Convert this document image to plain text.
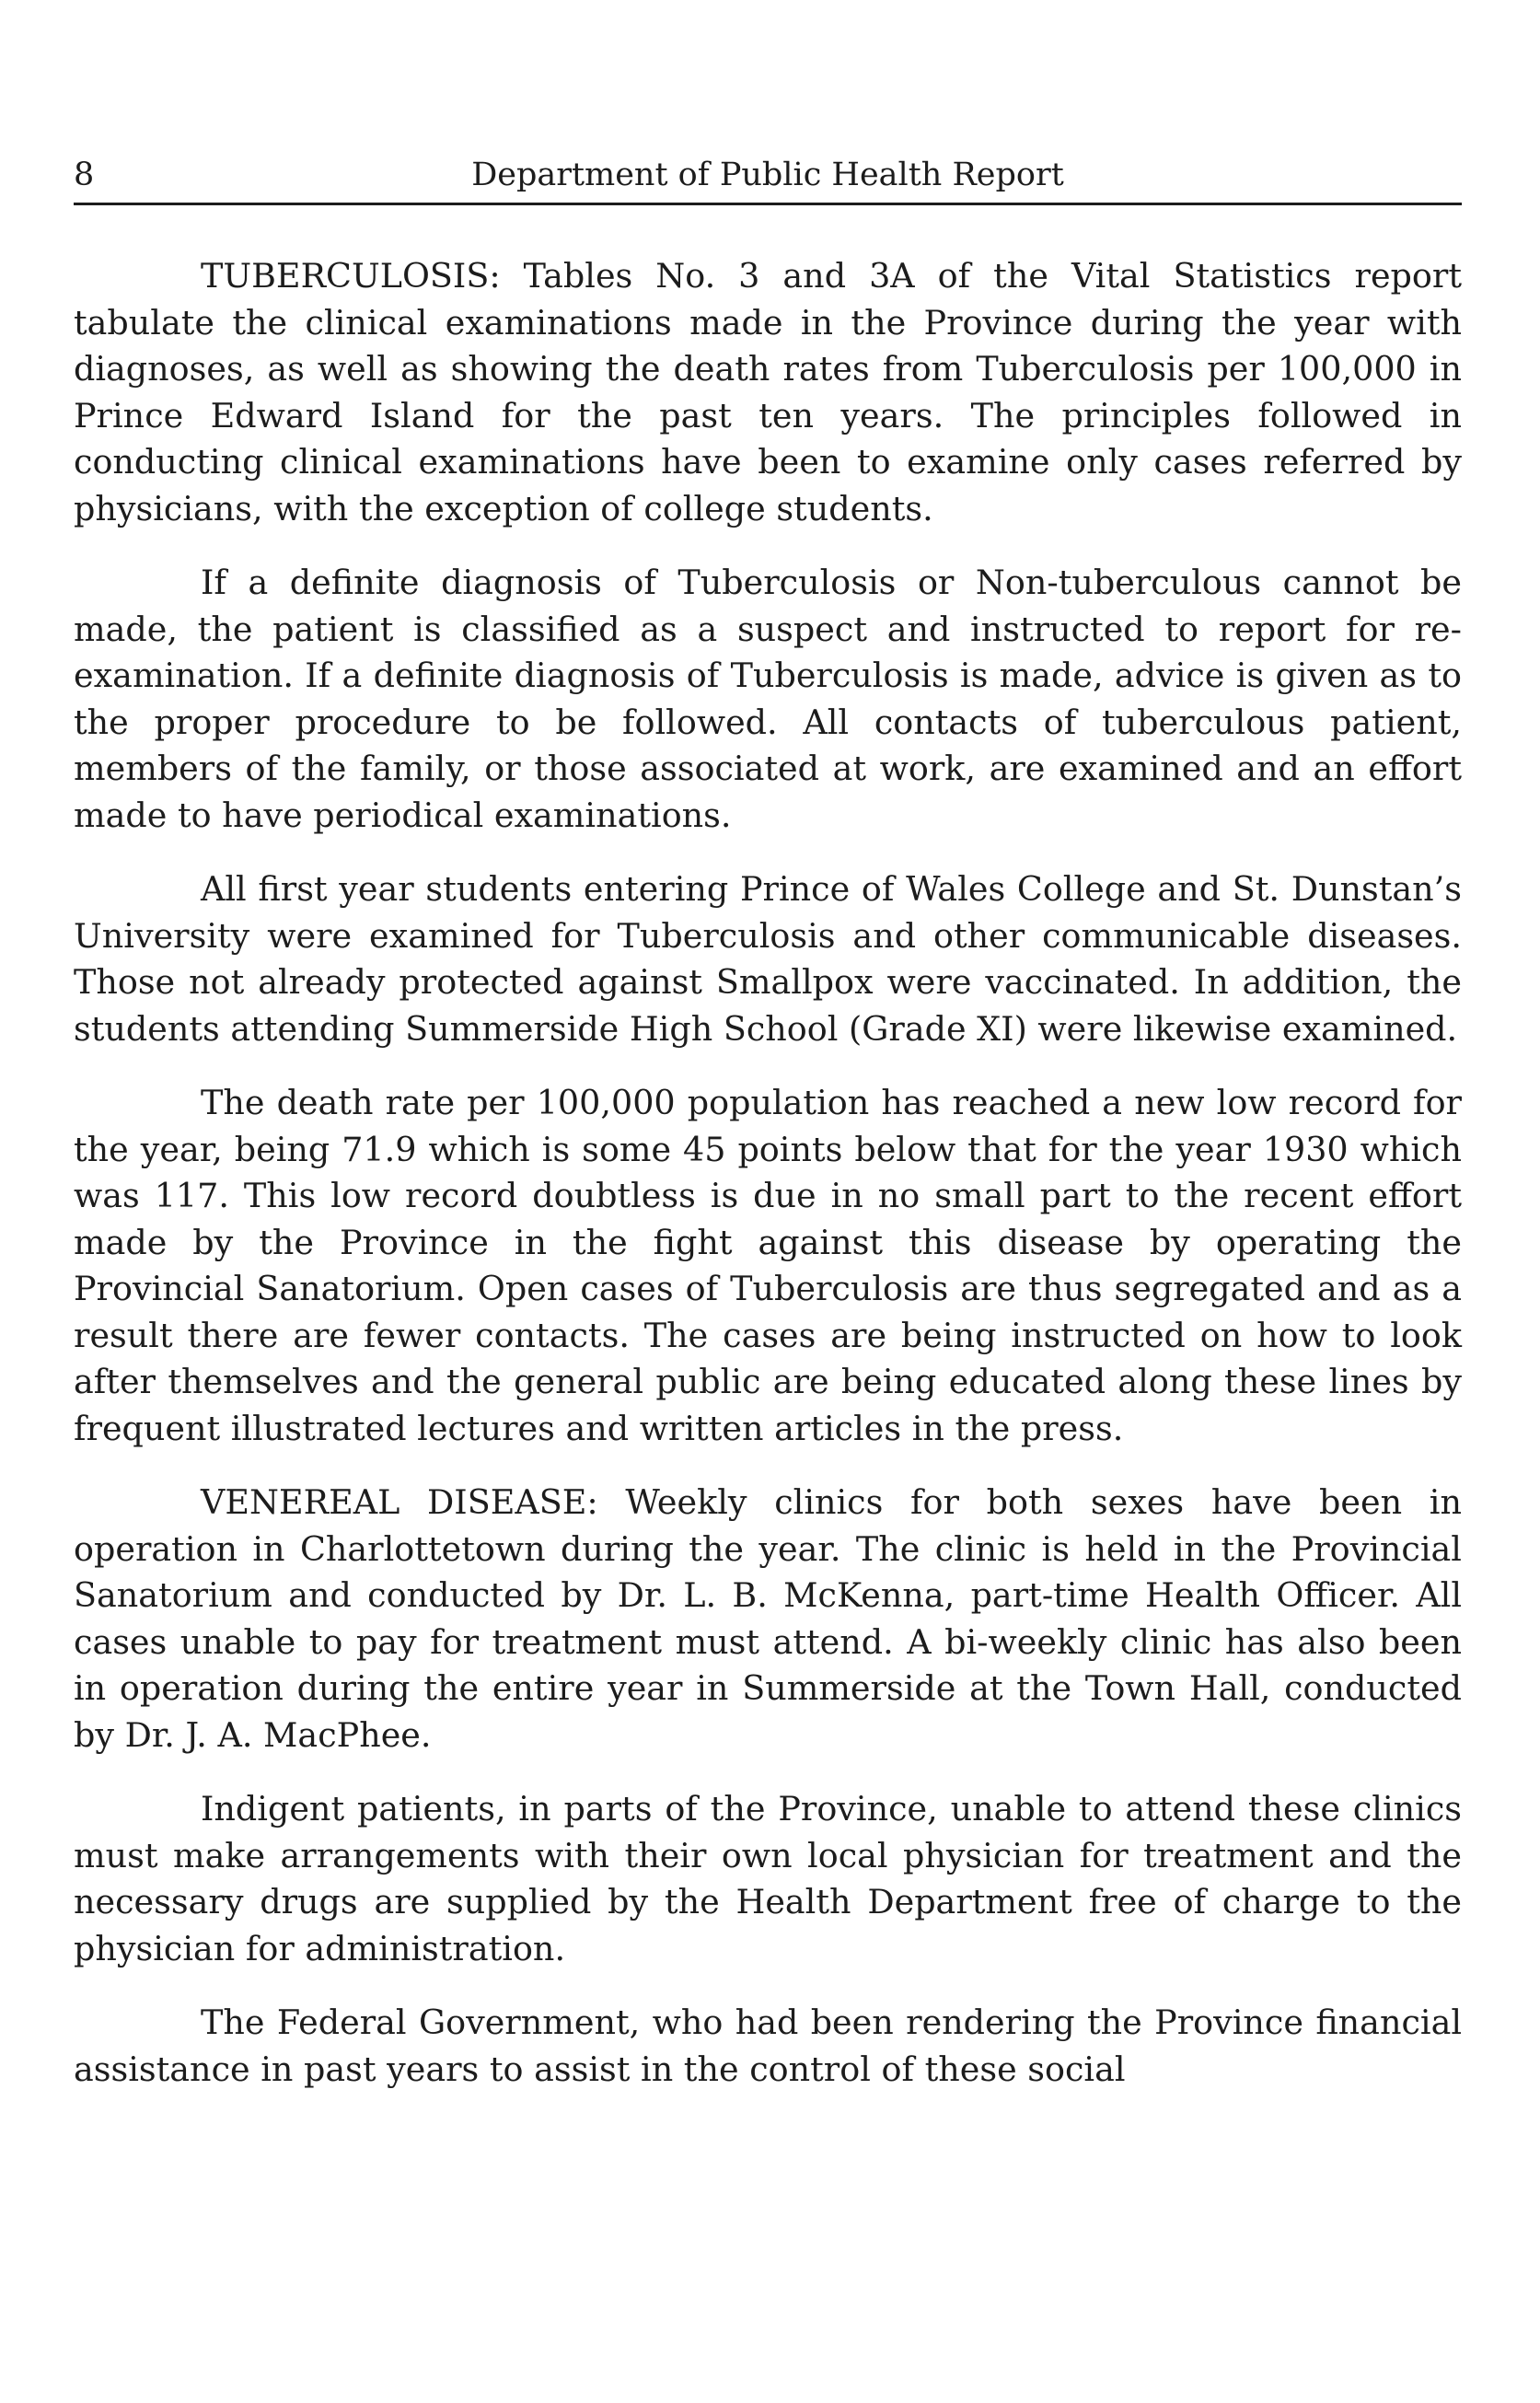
8	Department of Public Health Report

TUBERCULOSIS: Tables No. 3 and 3A of the Vital Statistics report tabulate the clinical examinations made in the Province during the year with diagnoses, as well as showing the death rates from Tuberculosis per 100,000 in Prince Edward Island for the past ten years. The principles followed in conducting clinical examinations have been to examine only cases referred by physicians, with the exception of college students.

If a definite diagnosis of Tuberculosis or Non-tuberculous cannot be made, the patient is classified as a suspect and instructed to report for re-examination. If a definite diagnosis of Tuberculosis is made, advice is given as to the proper procedure to be followed. All contacts of tuberculous patient, members of the family, or those associated at work, are examined and an effort made to have periodical examinations.

All first year students entering Prince of Wales College and St. Dunstan’s University were examined for Tuberculosis and other communicable diseases. Those not already protected against Smallpox were vaccinated. In addition, the students attending Summerside High School (Grade XI) were likewise examined.

The death rate per 100,000 population has reached a new low record for the year, being 71.9 which is some 45 points below that for the year 1930 which was 117. This low record doubtless is due in no small part to the recent effort made by the Province in the fight against this disease by operating the Provincial Sanatorium. Open cases of Tuberculosis are thus segregated and as a result there are fewer contacts. The cases are being instructed on how to look after themselves and the general public are being educated along these lines by frequent illustrated lectures and written articles in the press.

VENEREAL DISEASE: Weekly clinics for both sexes have been in operation in Charlottetown during the year. The clinic is held in the Provincial Sanatorium and conducted by Dr. L. B. McKenna, part-time Health Officer. All cases unable to pay for treatment must attend. A bi-weekly clinic has also been in operation during the entire year in Summerside at the Town Hall, conducted by Dr. J. A. MacPhee.

Indigent patients, in parts of the Province, unable to attend these clinics must make arrangements with their own local physician for treatment and the necessary drugs are supplied by the Health Department free of charge to the physician for administration.

The Federal Government, who had been rendering the Province financial assistance in past years to assist in the control of these social
